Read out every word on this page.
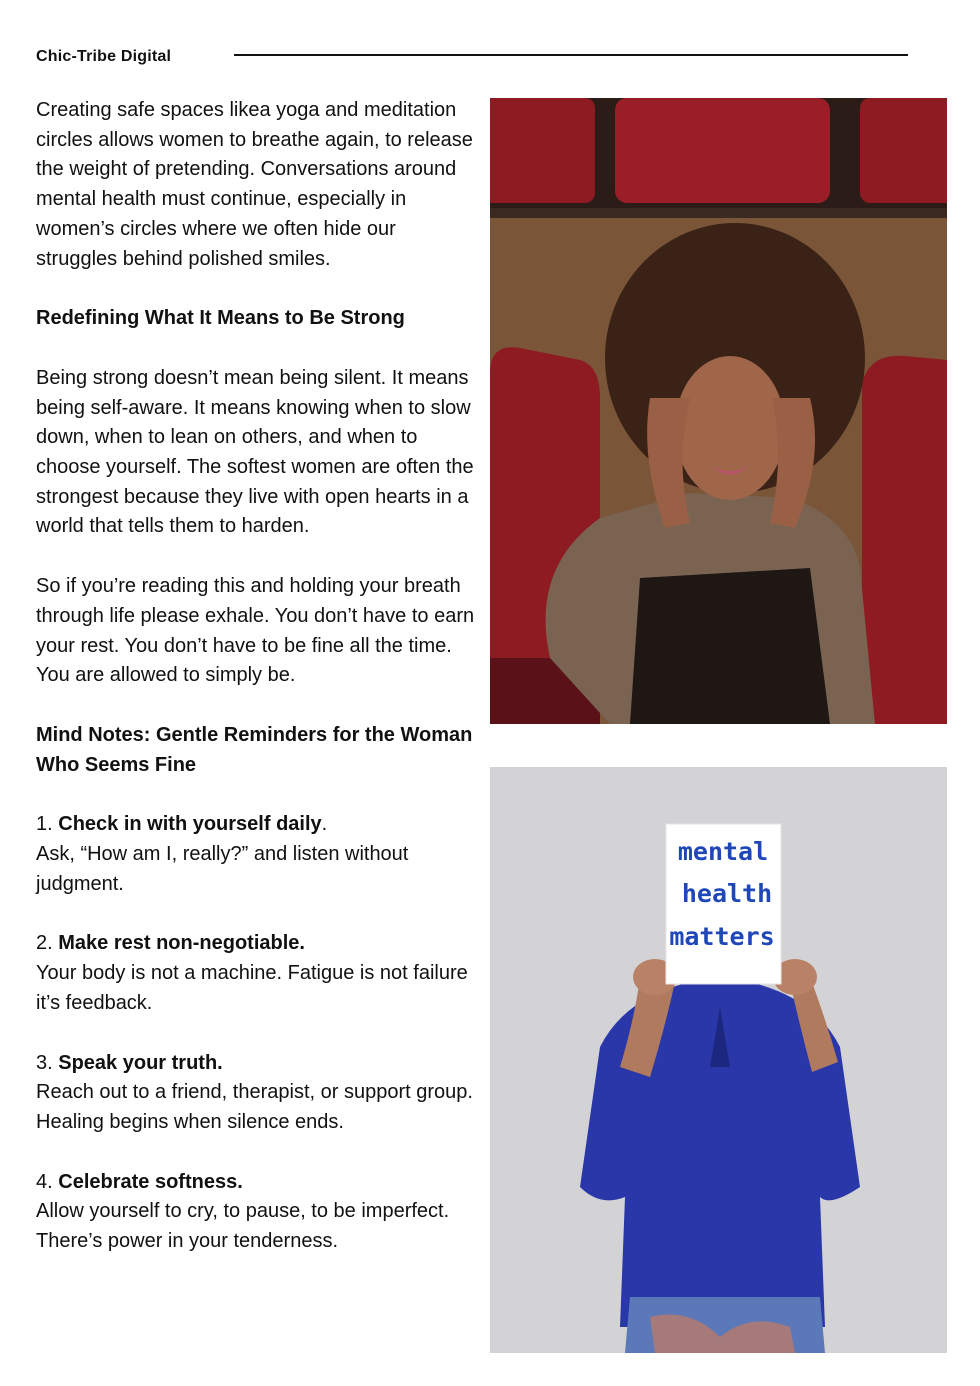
Chic-Tribe Digital

Creating safe spaces likea yoga and meditation circles allows women to breathe again, to release the weight of pretending. Conversations around mental health must continue, especially in women’s circles where we often hide our struggles behind polished smiles.

Redefining What It Means to Be Strong

Being strong doesn’t mean being silent. It means being self-aware. It means knowing when to slow down, when to lean on others, and when to choose yourself. The softest women are often the strongest because they live with open hearts in a world that tells them to harden.

So if you’re reading this and holding your breath through life please exhale. You don’t have to earn your rest. You don’t have to be fine all the time. You are allowed to simply be.

Mind Notes: Gentle Reminders for the Woman Who Seems Fine

1. Check in with yourself daily.

Ask, “How am I, really?” and listen without judgment.

2. Make rest non-negotiable.

Your body is not a machine. Fatigue is not failure it’s feedback.

3. Speak your truth.

Reach out to a friend, therapist, or support group. Healing begins when silence ends.

4. Celebrate softness.

Allow yourself to cry, to pause, to be imperfect. There’s power in your tenderness.

mental
health
matters
